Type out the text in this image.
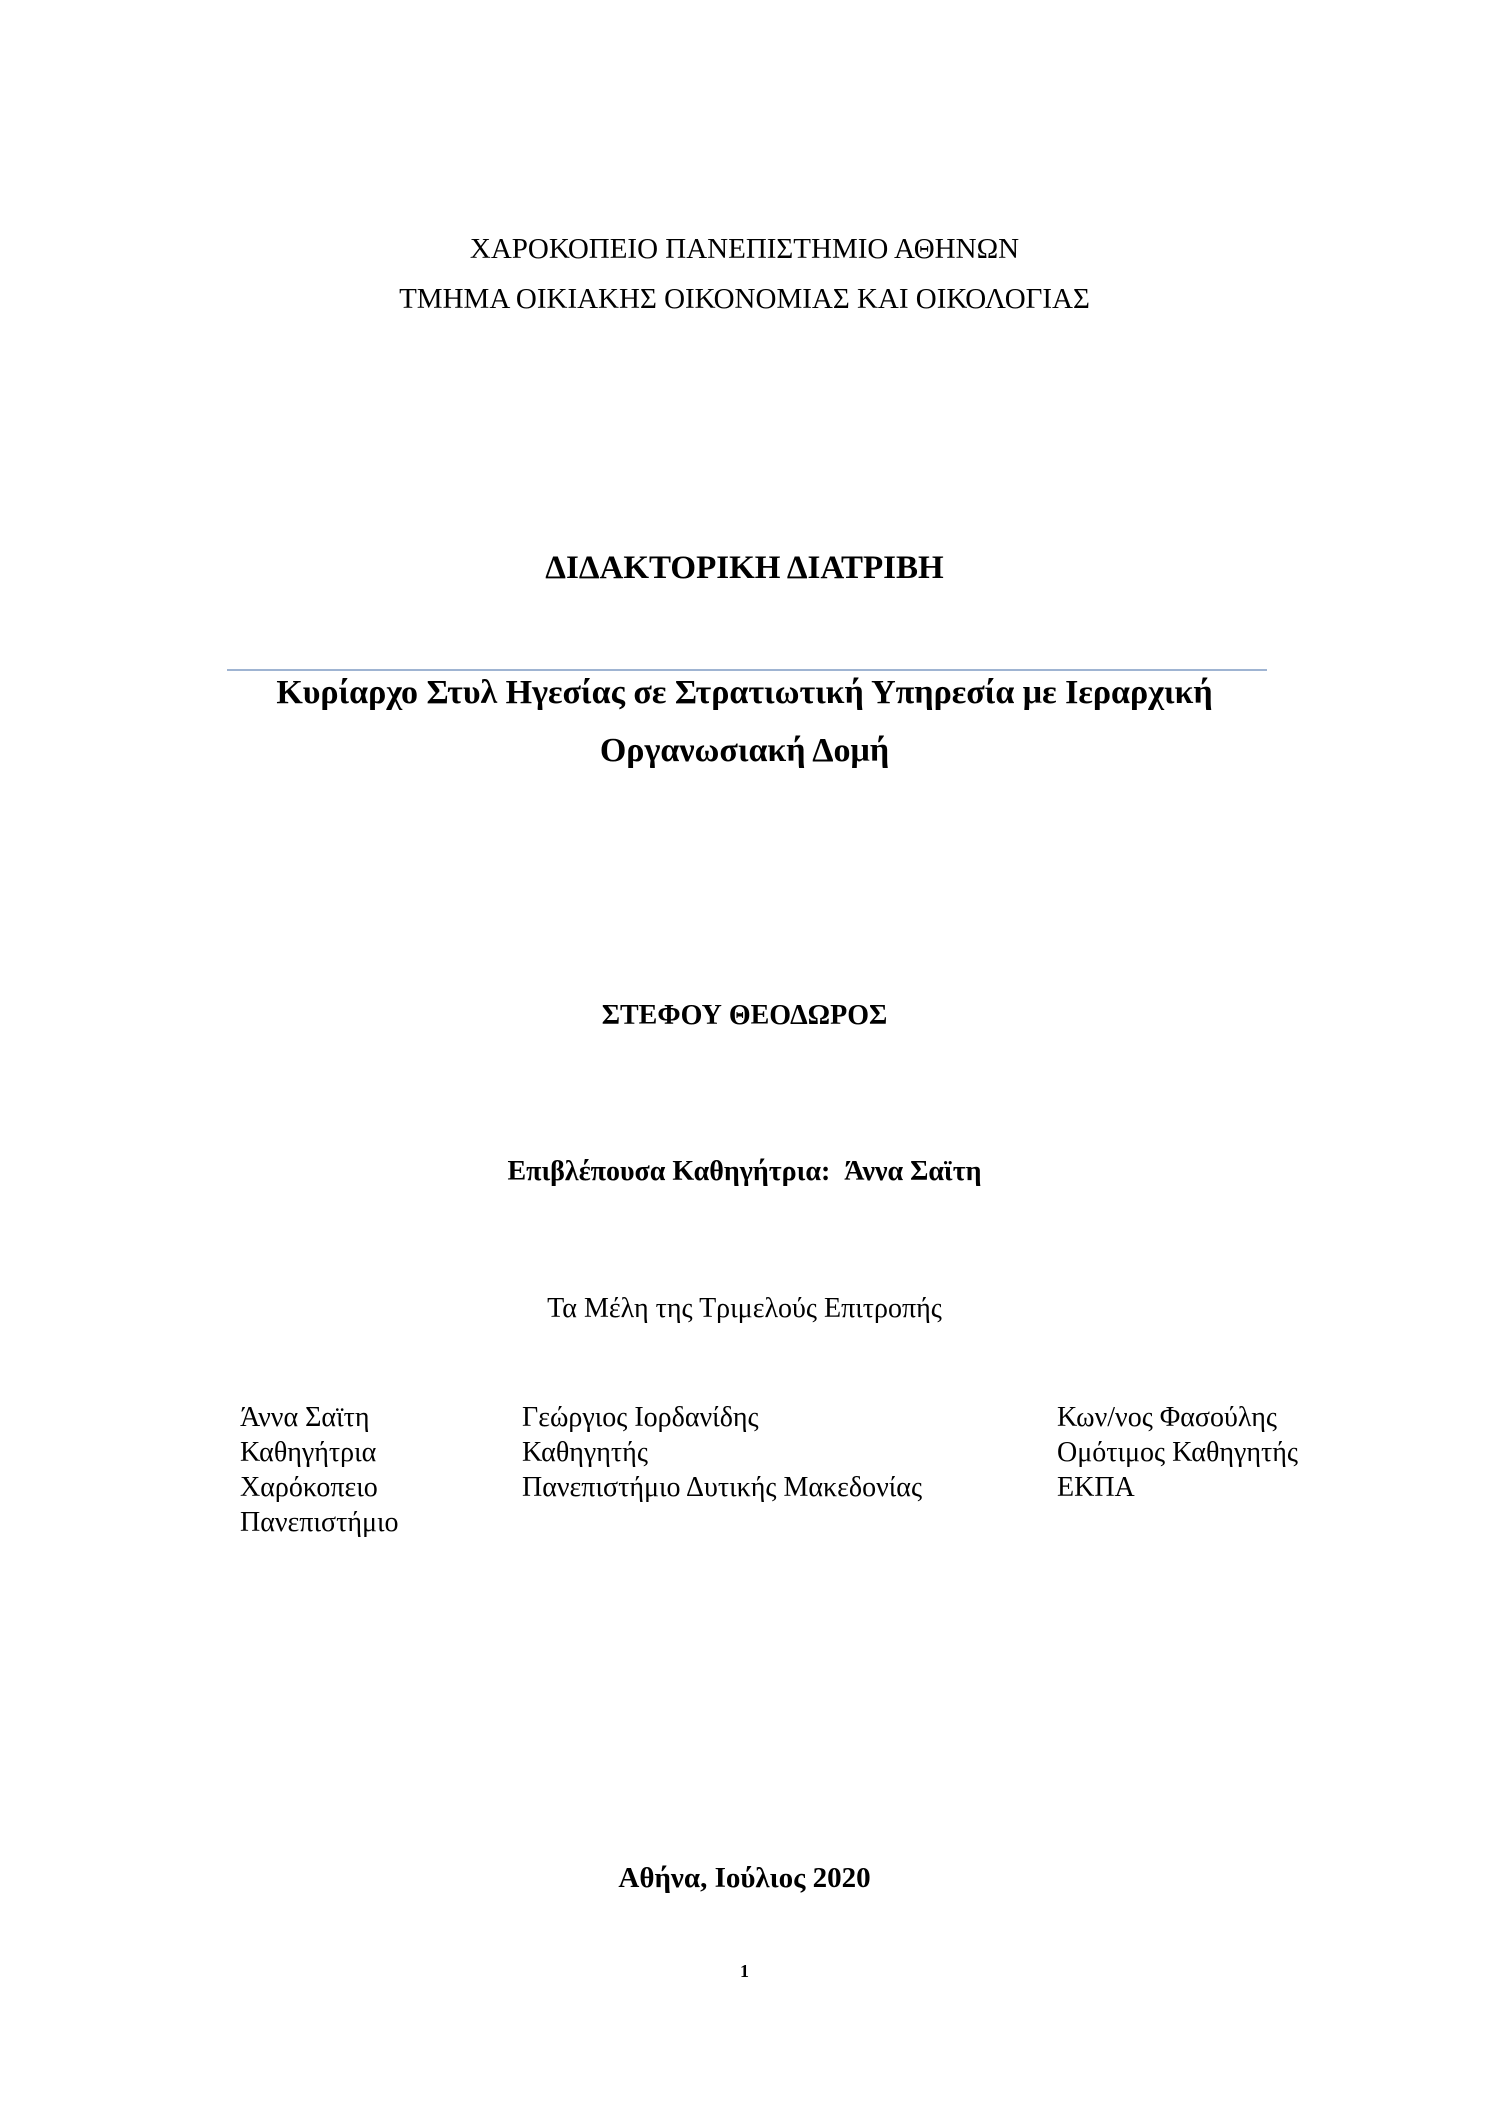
ΧΑΡΟΚΟΠΕΙΟ ΠΑΝΕΠΙΣΤΗΜΙΟ ΑΘΗΝΩΝ
ΤΜΗΜΑ ΟΙΚΙΑΚΗΣ ΟΙΚΟΝΟΜΙΑΣ ΚΑΙ ΟΙΚΟΛΟΓΙΑΣ
ΔΙΔΑΚΤΟΡΙΚΗ ΔΙΑΤΡΙΒΗ
Κυρίαρχο Στυλ Ηγεσίας σε Στρατιωτική Υπηρεσία με Ιεραρχική
Οργανωσιακή Δομή
ΣΤΕΦΟΥ ΘΕΟΔΩΡΟΣ
Επιβλέπουσα Καθηγήτρια: Άννα Σαϊτη
Τα Μέλη της Τριμελούς Επιτροπής
Άννα Σαϊτη
Καθηγήτρια
Χαρόκοπειο
Πανεπιστήμιο
Γεώργιος Ιορδανίδης
Καθηγητής
Πανεπιστήμιο Δυτικής Μακεδονίας
Κων/νος Φασούλης
Ομότιμος Καθηγητής
ΕΚΠΑ
Αθήνα, Ιούλιος 2020
1
